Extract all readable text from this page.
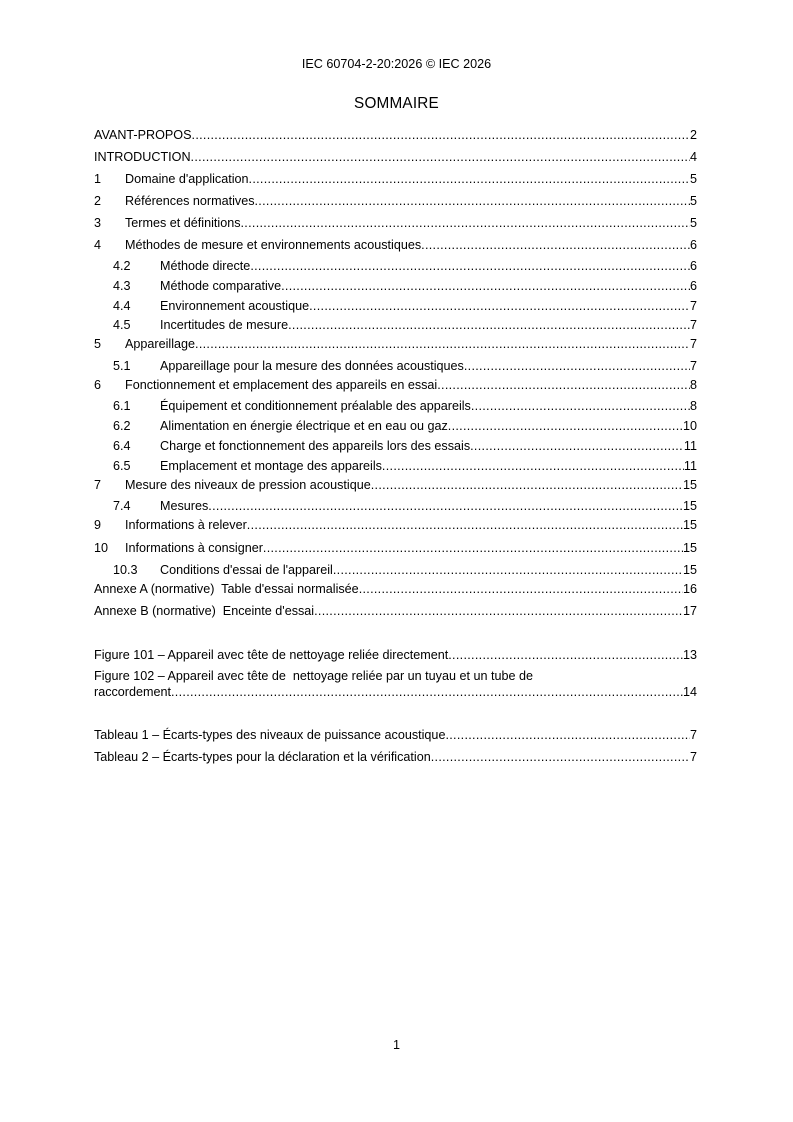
IEC 60704-2-20:2026 © IEC 2026
SOMMAIRE
AVANT-PROPOS .....	2
INTRODUCTION .....	4
1	Domaine d'application .....	5
2	Références normatives .....	5
3	Termes et définitions .....	5
4	Méthodes de mesure et environnements acoustiques .....	6
4.2	Méthode directe .....	6
4.3	Méthode comparative .....	6
4.4	Environnement acoustique .....	7
4.5	Incertitudes de mesure .....	7
5	Appareillage .....	7
5.1	Appareillage pour la mesure des données acoustiques .....	7
6	Fonctionnement et emplacement des appareils en essai .....	8
6.1	Équipement et conditionnement préalable des appareils .....	8
6.2	Alimentation en énergie électrique et en eau ou gaz .....	10
6.4	Charge et fonctionnement des appareils lors des essais .....	11
6.5	Emplacement et montage des appareils .....	11
7	Mesure des niveaux de pression acoustique .....	15
7.4	Mesures .....	15
9	Informations à relever .....	15
10	Informations à consigner .....	15
10.3	Conditions d'essai de l'appareil .....	15
Annexe A (normative)  Table d'essai normalisée .....	16
Annexe B (normative)  Enceinte d'essai .....	17
Figure 101 – Appareil avec tête de nettoyage reliée directement .....	13
Figure 102 – Appareil avec tête de  nettoyage reliée par un tuyau et un tube de
raccordement .....	14
Tableau 1 – Écarts-types des niveaux de puissance acoustique .....	7
Tableau 2 – Écarts-types pour la déclaration et la vérification .....	7
1
